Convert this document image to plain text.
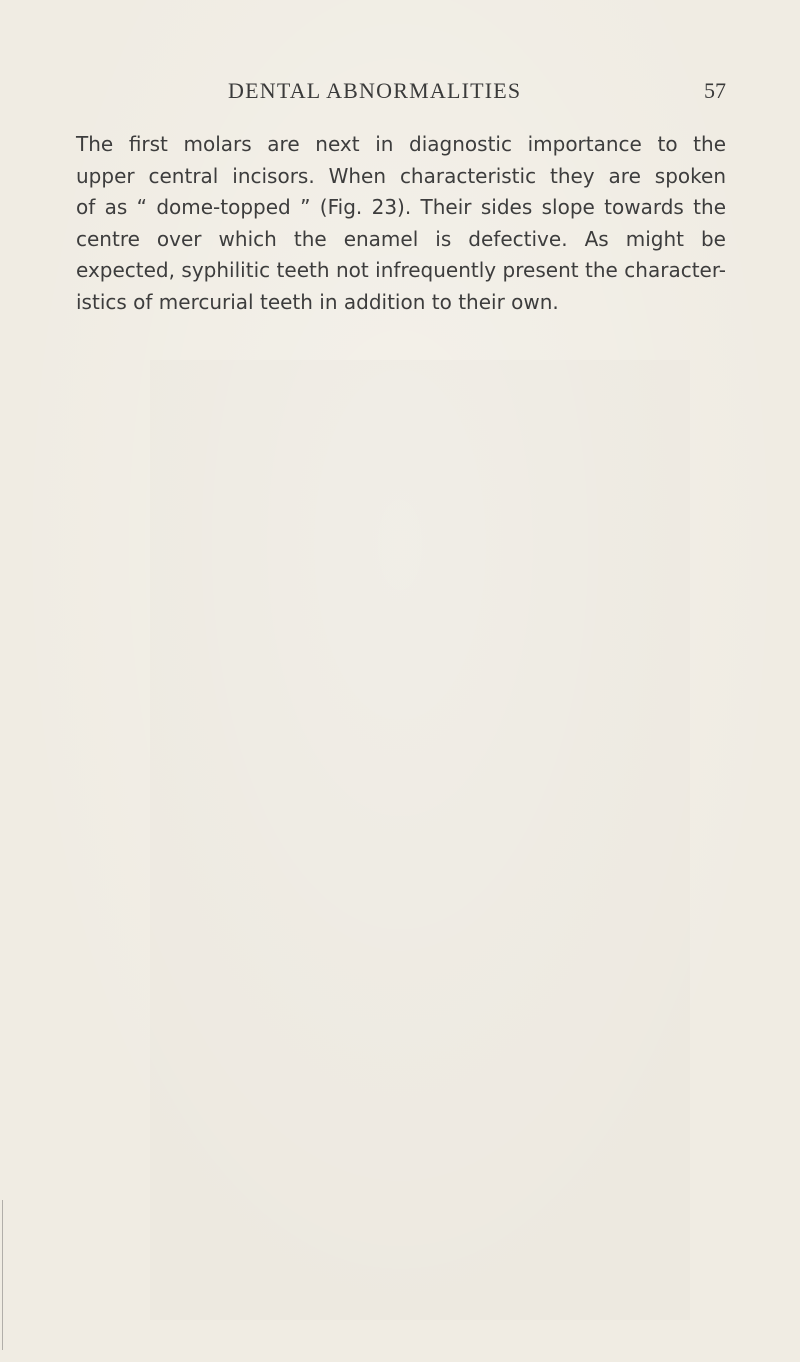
DENTAL ABNORMALITIES	57

The first molars are next in diagnostic importance to the
upper central incisors. When characteristic they are spoken
of as “ dome-topped ” (Fig. 23). Their sides slope towards the
centre over which the enamel is defective. As might be
expected, syphilitic teeth not infrequently present the character-
istics of mercurial teeth in addition to their own.
